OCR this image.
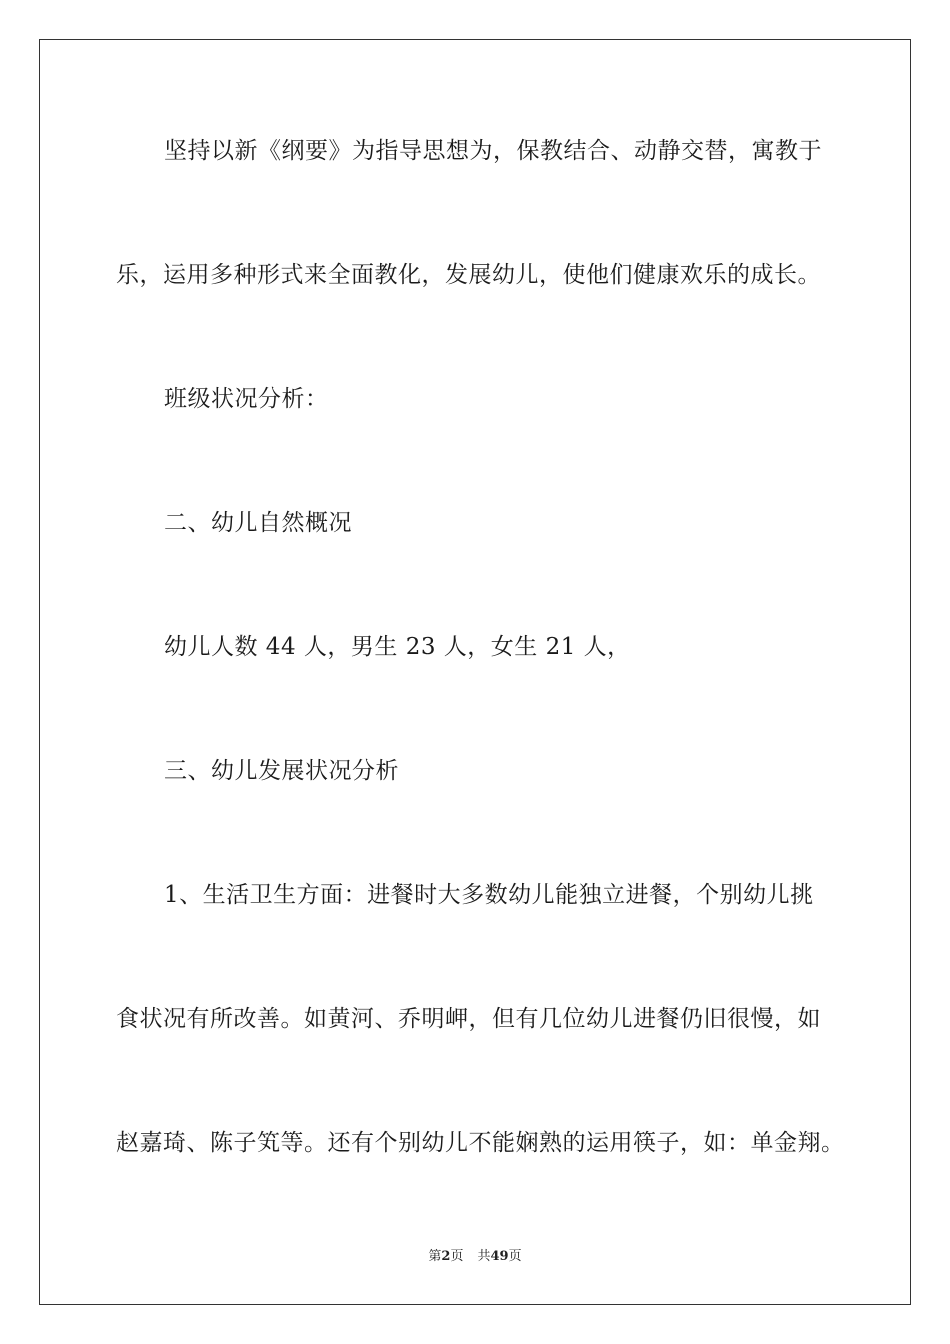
坚持以新《纲要》为指导思想为，保教结合、动静交替，寓教于
乐，运用多种形式来全面教化，发展幼儿，使他们健康欢乐的成长。
班级状况分析：
二、幼儿自然概况
幼儿人数 44 人，男生 23 人，女生 21 人，
三、幼儿发展状况分析
1、生活卫生方面：进餐时大多数幼儿能独立进餐，个别幼儿挑
食状况有所改善。如黄河、乔明岬，但有几位幼儿进餐仍旧很慢，如
赵嘉琦、陈子笂等。还有个别幼儿不能娴熟的运用筷子，如：单金翔。
第2页 共49页
